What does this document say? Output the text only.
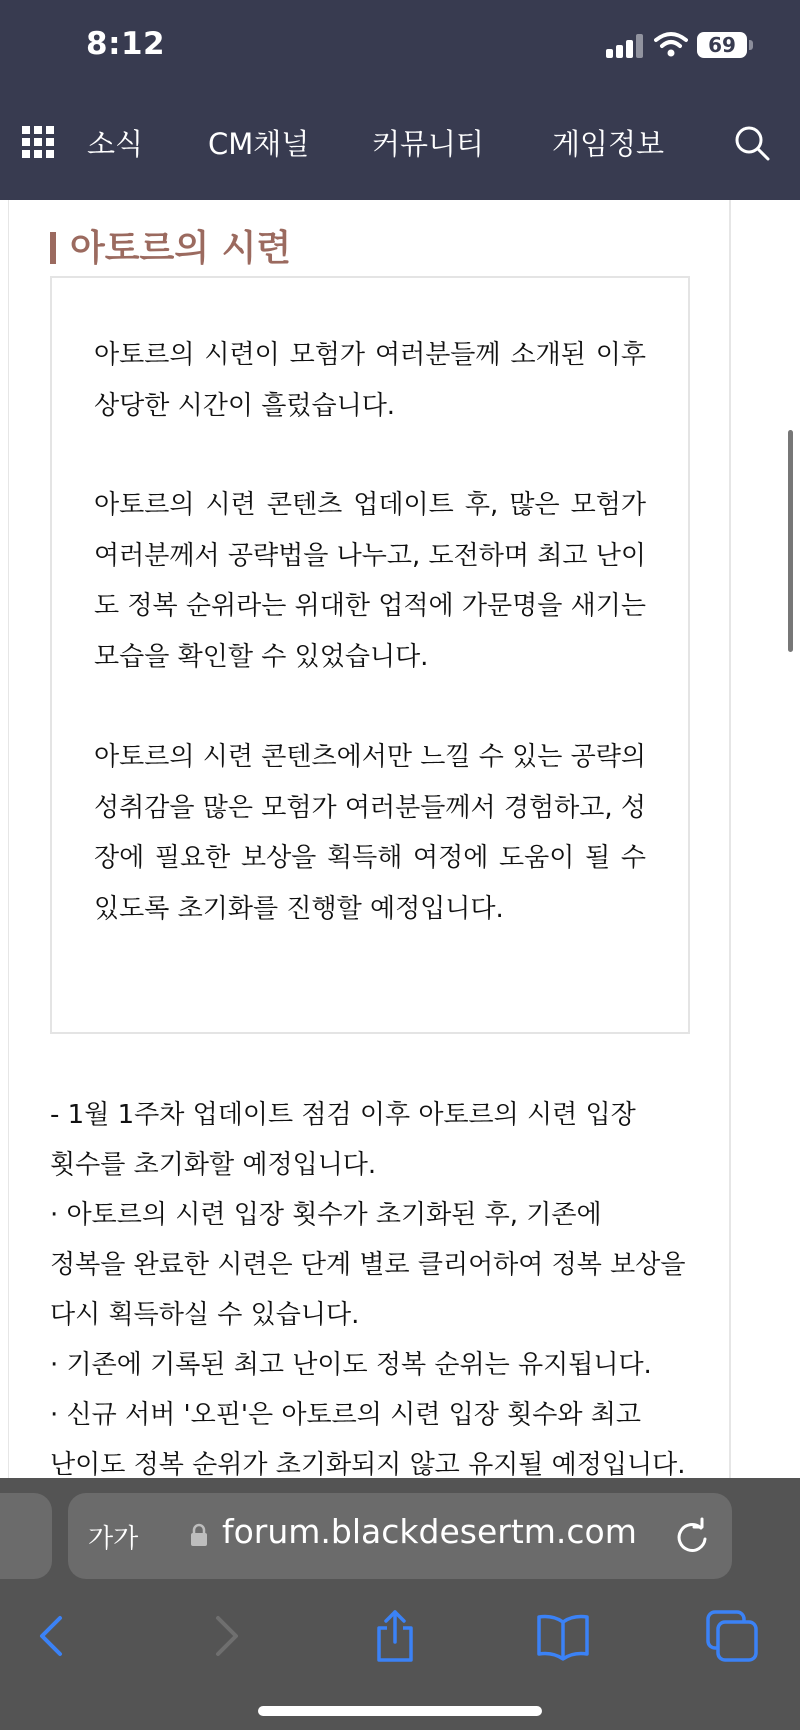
8:12	69
소식 CM채널 커뮤니티 게임정보
아토르의 시련

아토르의 시련이 모험가 여러분들께 소개된 이후 상당한 시간이 흘렀습니다.

아토르의 시련 콘텐츠 업데이트 후, 많은 모험가 여러분께서 공략법을 나누고, 도전하며 최고 난이도 정복 순위라는 위대한 업적에 가문명을 새기는 모습을 확인할 수 있었습니다.

아토르의 시련 콘텐츠에서만 느낄 수 있는 공략의 성취감을 많은 모험가 여러분들께서 경험하고, 성장에 필요한 보상을 획득해 여정에 도움이 될 수 있도록 초기화를 진행할 예정입니다.

- 1월 1주차 업데이트 점검 이후 아토르의 시련 입장
횟수를 초기화할 예정입니다.
· 아토르의 시련 입장 횟수가 초기화된 후, 기존에
정복을 완료한 시련은 단계 별로 클리어하여 정복 보상을
다시 획득하실 수 있습니다.
· 기존에 기록된 최고 난이도 정복 순위는 유지됩니다.
· 신규 서버 '오핀'은 아토르의 시련 입장 횟수와 최고
난이도 정복 순위가 초기화되지 않고 유지될 예정입니다.
가가	forum.blackdesertm.com
